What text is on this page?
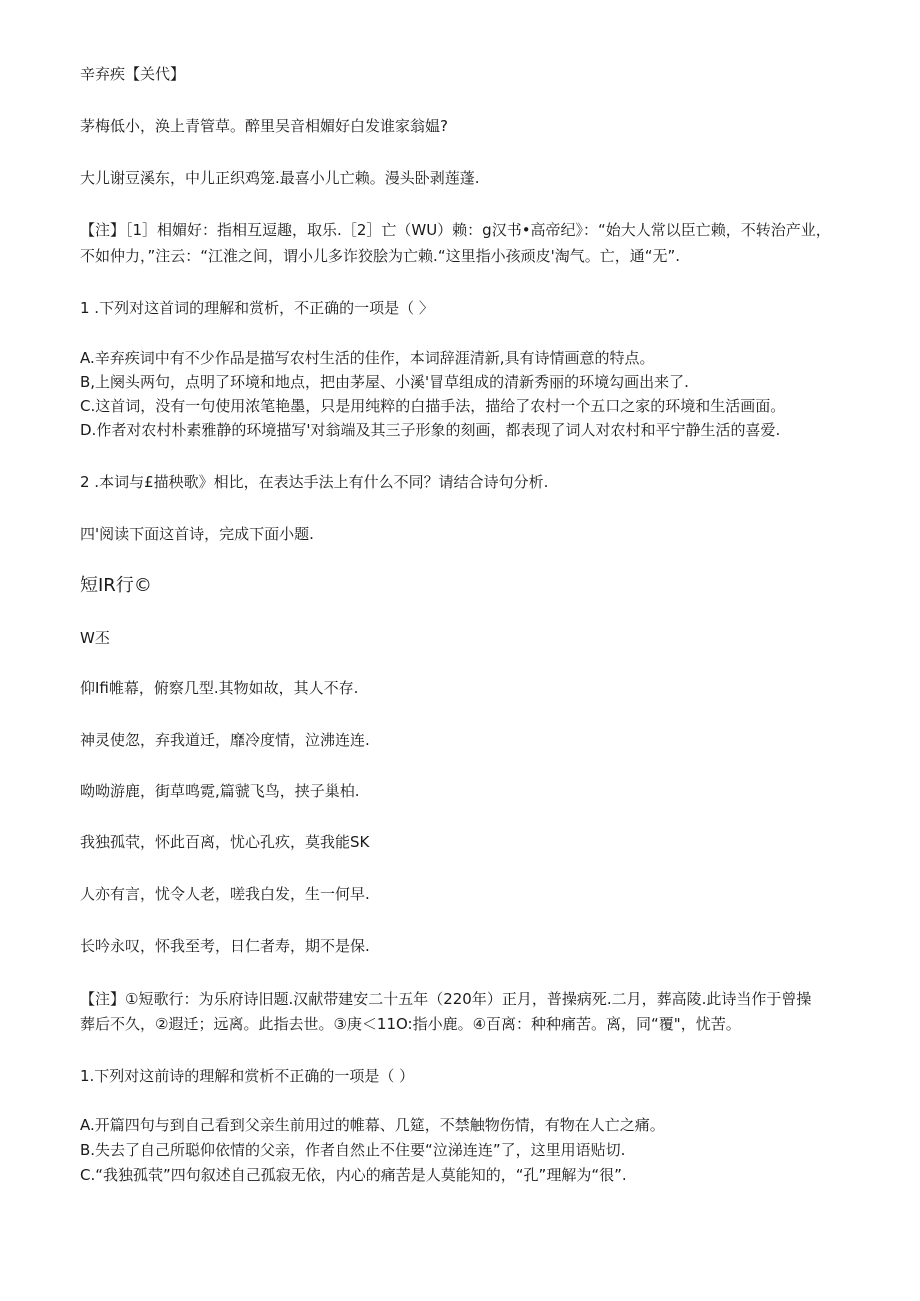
辛弃疾【关代】
茅梅低小，涣上青管草。醉里吴音相媚好白发谁家翁媪?
大儿谢豆溪东，中儿正织鸡笼.最喜小儿亡赖。漫头卧剥莲蓬.
【注】［1］相媚好：指相互逗趣，取乐.［2］亡（WU）赖：g汉书•高帝纪》：“始大人常以臣亡赖，不转治产业，
不如仲力，”注云：“江淮之间，谓小儿多诈狡脍为亡赖.“这里指小孩顽皮'淘气。亡，通“无”.
1 .下列对这首词的理解和赏析，不正确的一项是（ 〉
A.辛弃疾词中有不少作品是描写农村生活的佳作，本词辞涯清新,具有诗情画意的特点。
B,上阕头两句，点明了环境和地点，把由茅屋、小溪'冒草组成的清新秀丽的环境勾画出来了.
C.这首词，没有一句使用浓笔艳墨，只是用纯粹的白描手法，描给了农村一个五口之家的环境和生活画面。
D.作者对农村朴素雅静的环境描写'对翁端及其三子形象的刻画，都表现了词人对农村和平宁静生活的喜爱.
2 .本词与£描秧歌》相比，在表达手法上有什么不同？请结合诗句分析.
四'阅读下面这首诗，完成下面小题.
短IR行©
W丕
仰Ifi帷幕，俯察几型.其物如故，其人不存.
神灵使忽，弃我道迁，靡冷度情，泣沸连连.
呦呦游鹿，街草鸣霓,篇虢飞鸟，挟子巢柏.
我独孤茕，怀此百离，忧心孔疚，莫我能SK
人亦有言，忧令人老，嗟我白发，生一何早.
长吟永叹，怀我至考，日仁者寿，期不是保.
【注】①短歌行：为乐府诗旧题.汉献带建安二十五年（220年）正月，普操病死.二月，葬高陵.此诗当作于曾操
葬后不久，②遐迁；远离。此指去世。③庚＜11O:指小鹿。④百离：种种痛苦。离，同“覆"，忧苦。
1.下列对这前诗的理解和赏析不正确的一项是（ ）
A.开篇四句与到自己看到父亲生前用过的帷幕、几筵，不禁触物伤情，有物在人亡之痛。
B.失去了自己所聪仰依情的父亲，作者自然止不住要“泣涕连连”了，这里用语贴切.
C.“我独孤茕”四句叙述自己孤寂无依，内心的痛苦是人莫能知的，“孔”理解为“很”.
